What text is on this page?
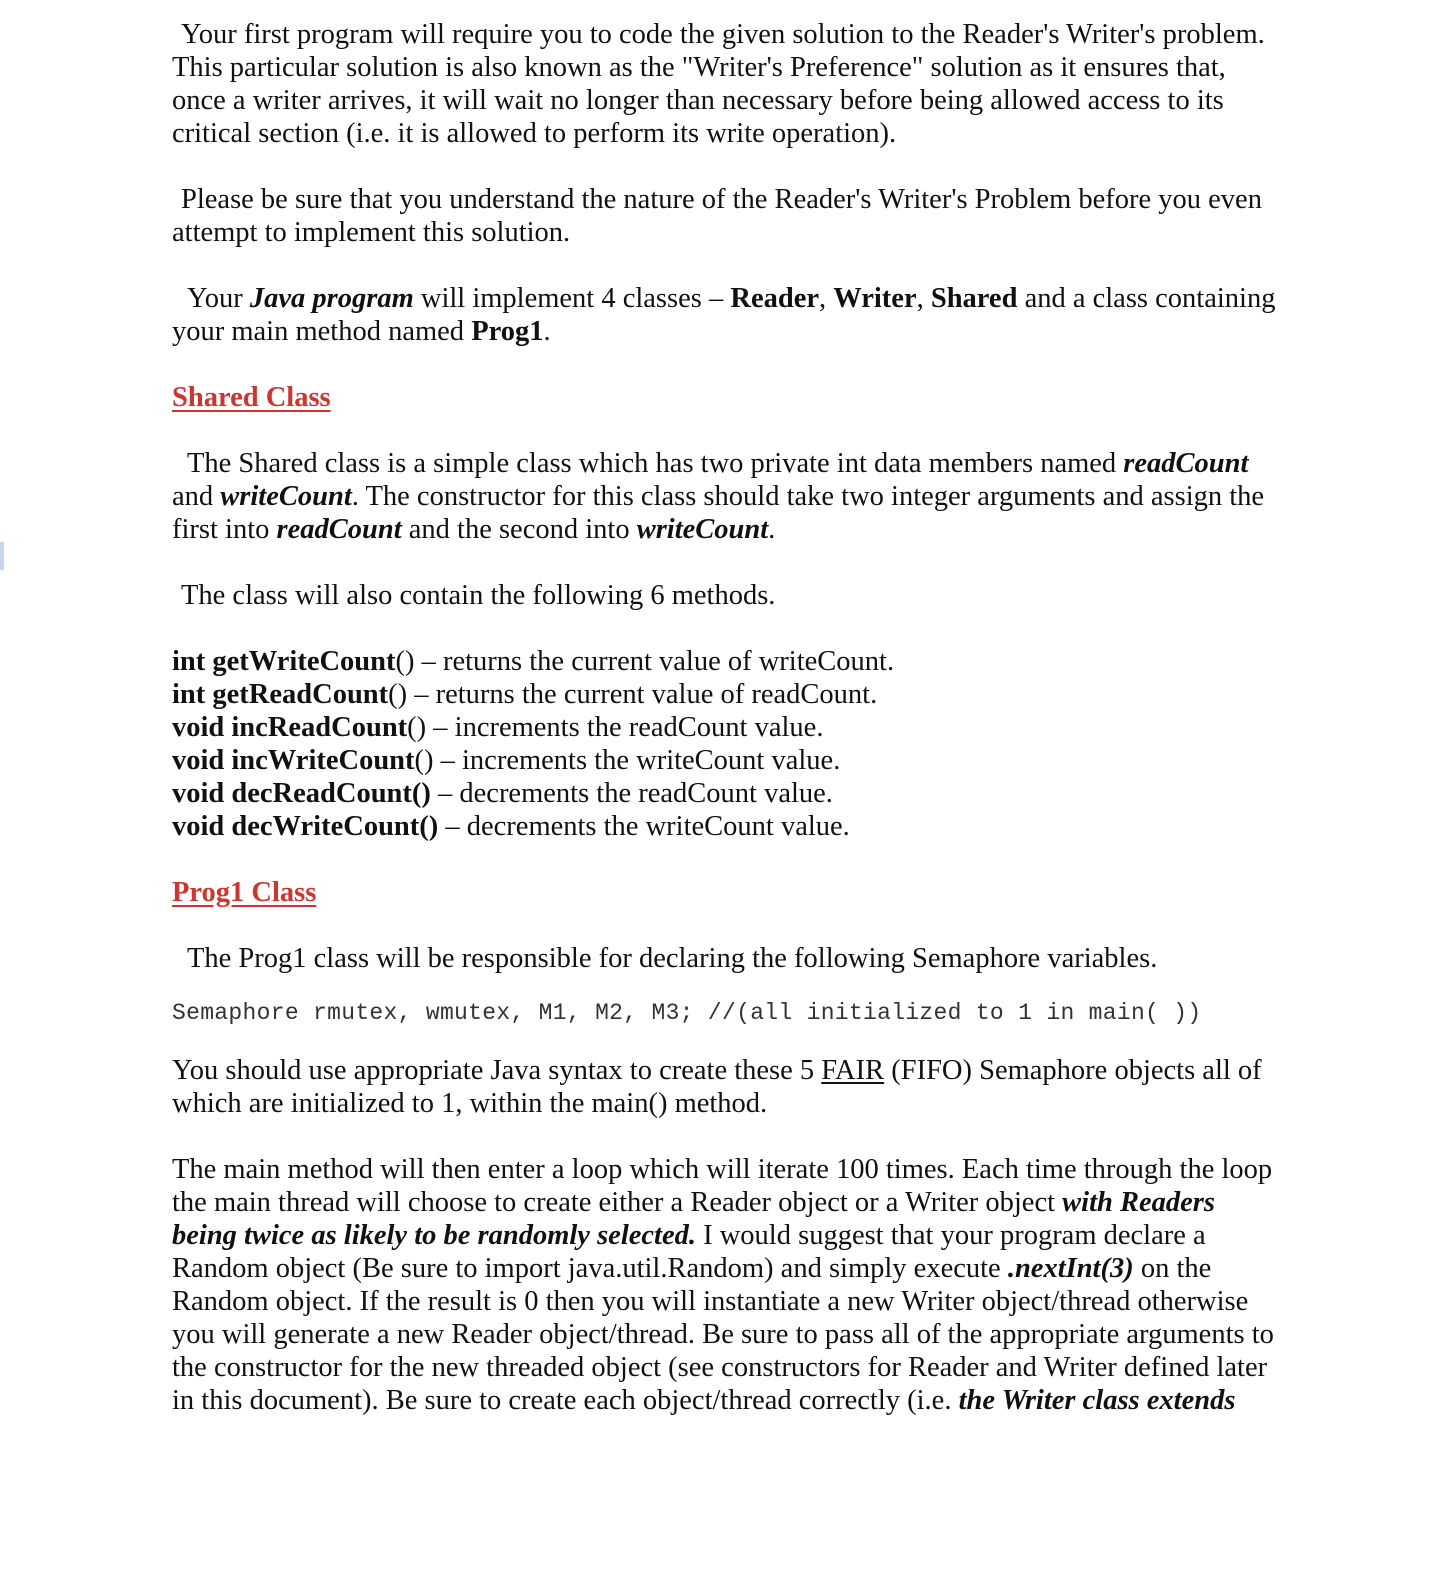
Your first program will require you to code the given solution to the Reader's Writer's problem.
This particular solution is also known as the "Writer's Preference" solution as it ensures that,
once a writer arrives, it will wait no longer than necessary before being allowed access to its
critical section (i.e. it is allowed to perform its write operation).
Please be sure that you understand the nature of the Reader's Writer's Problem before you even
attempt to implement this solution.
Your Java program will implement 4 classes – Reader, Writer, Shared and a class containing
your main method named Prog1.
Shared Class
The Shared class is a simple class which has two private int data members named readCount
and writeCount. The constructor for this class should take two integer arguments and assign the
first into readCount and the second into writeCount.
The class will also contain the following 6 methods.
int getWriteCount() – returns the current value of writeCount.
int getReadCount() – returns the current value of readCount.
void incReadCount() – increments the readCount value.
void incWriteCount() – increments the writeCount value.
void decReadCount() – decrements the readCount value.
void decWriteCount() – decrements the writeCount value.
Prog1 Class
The Prog1 class will be responsible for declaring the following Semaphore variables.
Semaphore rmutex, wmutex, M1, M2, M3; //(all initialized to 1 in main( ))
You should use appropriate Java syntax to create these 5 FAIR (FIFO) Semaphore objects all of
which are initialized to 1, within the main() method.
The main method will then enter a loop which will iterate 100 times. Each time through the loop
the main thread will choose to create either a Reader object or a Writer object with Readers
being twice as likely to be randomly selected. I would suggest that your program declare a
Random object (Be sure to import java.util.Random) and simply execute .nextInt(3) on the
Random object. If the result is 0 then you will instantiate a new Writer object/thread otherwise
you will generate a new Reader object/thread. Be sure to pass all of the appropriate arguments to
the constructor for the new threaded object (see constructors for Reader and Writer defined later
in this document). Be sure to create each object/thread correctly (i.e. the Writer class extends
